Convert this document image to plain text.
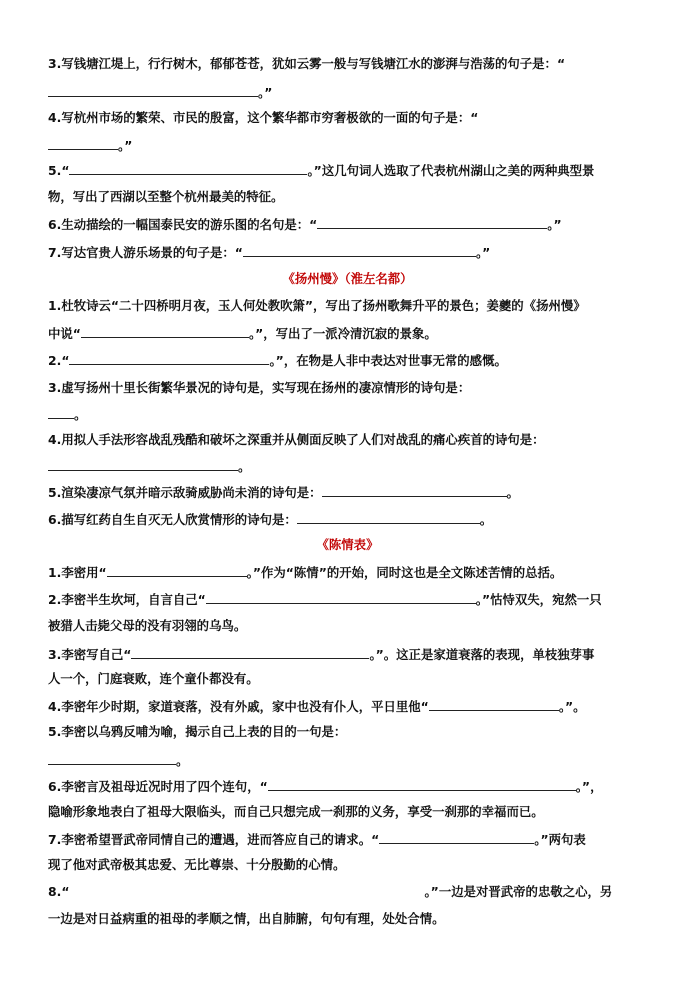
3.写钱塘江堤上，行行树木，郁郁苍苍，犹如云雾一般与写钱塘江水的澎湃与浩荡的句子是：“
。”
4.写杭州市场的繁荣、市民的殷富，这个繁华都市穷奢极欲的一面的句子是：“
。”
5.“	。”这几句词人选取了代表杭州湖山之美的两种典型景
物，写出了西湖以至整个杭州最美的特征。
6.生动描绘的一幅国泰民安的游乐图的名句是：“	。”
7.写达官贵人游乐场景的句子是：“	。”
《扬州慢》（淮左名都）
1.杜牧诗云“二十四桥明月夜，玉人何处教吹箫”，写出了扬州歌舞升平的景色；姜夔的《扬州慢》
中说“	。”，写出了一派冷清沉寂的景象。
2.“	。”，在物是人非中表达对世事无常的感慨。
3.虚写扬州十里长街繁华景况的诗句是，实写现在扬州的凄凉情形的诗句是：
。
4.用拟人手法形容战乱残酷和破坏之深重并从侧面反映了人们对战乱的痛心疾首的诗句是：
。
5.渲染凄凉气氛并暗示敌骑威胁尚未消的诗句是：	。
6.描写红药自生自灭无人欣赏情形的诗句是：	。
《陈情表》
1.李密用“	。”作为“陈情”的开始，同时这也是全文陈述苦情的总括。
2.李密半生坎坷，自言自己“	。”怙恃双失，宛然一只
被猎人击毙父母的没有羽翎的乌鸟。
3.李密写自己“	。”。这正是家道衰落的表现，单枝独芽事
人一个，门庭衰败，连个童仆都没有。
4.李密年少时期，家道衰落，没有外戚，家中也没有仆人，平日里他“	。”。
5.李密以乌鸦反哺为喻，揭示自己上表的目的一句是：
。
6.李密言及祖母近况时用了四个连句，“	。”，
隐喻形象地表白了祖母大限临头，而自己只想完成一刹那的义务，享受一刹那的幸福而已。
7.李密希望晋武帝同情自己的遭遇，进而答应自己的请求。“	。”两句表
现了他对武帝极其忠爱、无比尊崇、十分殷勤的心情。
8.“	。”一边是对晋武帝的忠敬之心，另
一边是对日益病重的祖母的孝顺之情，出自肺腑，句句有理，处处合情。
